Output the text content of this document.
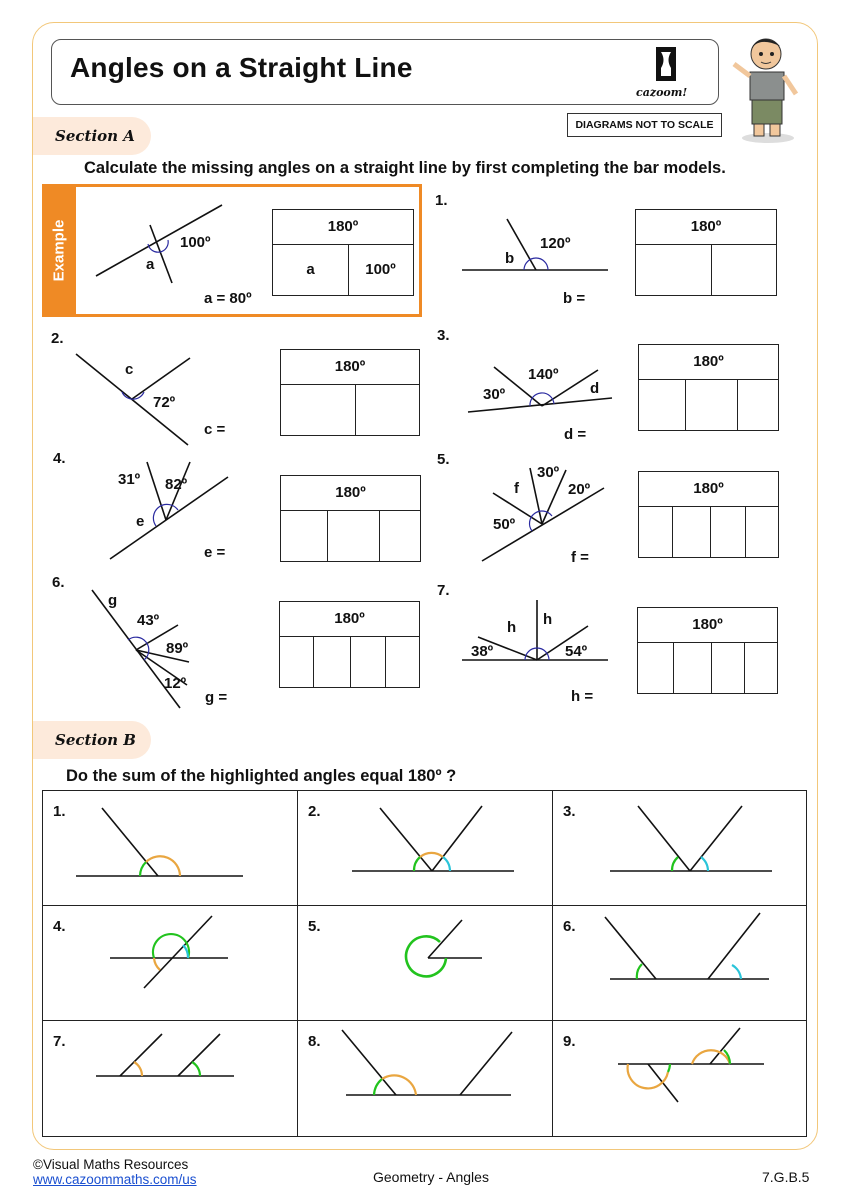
Angles on a Straight Line
cazoom!
DIAGRAMS NOT TO SCALE
Section A
Calculate the missing angles on a straight line by first completing the bar models.
Example	100º
a
a = 80º
180º
a	100º
1.
b
120º
b =
180º
2.
c
72º
c =
180º
3.
140º
30º	d
d =
180º
4.
31º 82º
e
e =
180º
5.
30º
f	20º
50º
f =
180º
6.
g
43º
89º
12º
g =
180º
7.
h h
38º	54º
h =
180º
Section B
Do the sum of the highlighted angles equal 180º ?
1.	2.	3.
4.	5.	6.
7.	8.	9.
©Visual Maths Resources
www.cazoommaths.com/us	Geometry - Angles	7.G.B.5
